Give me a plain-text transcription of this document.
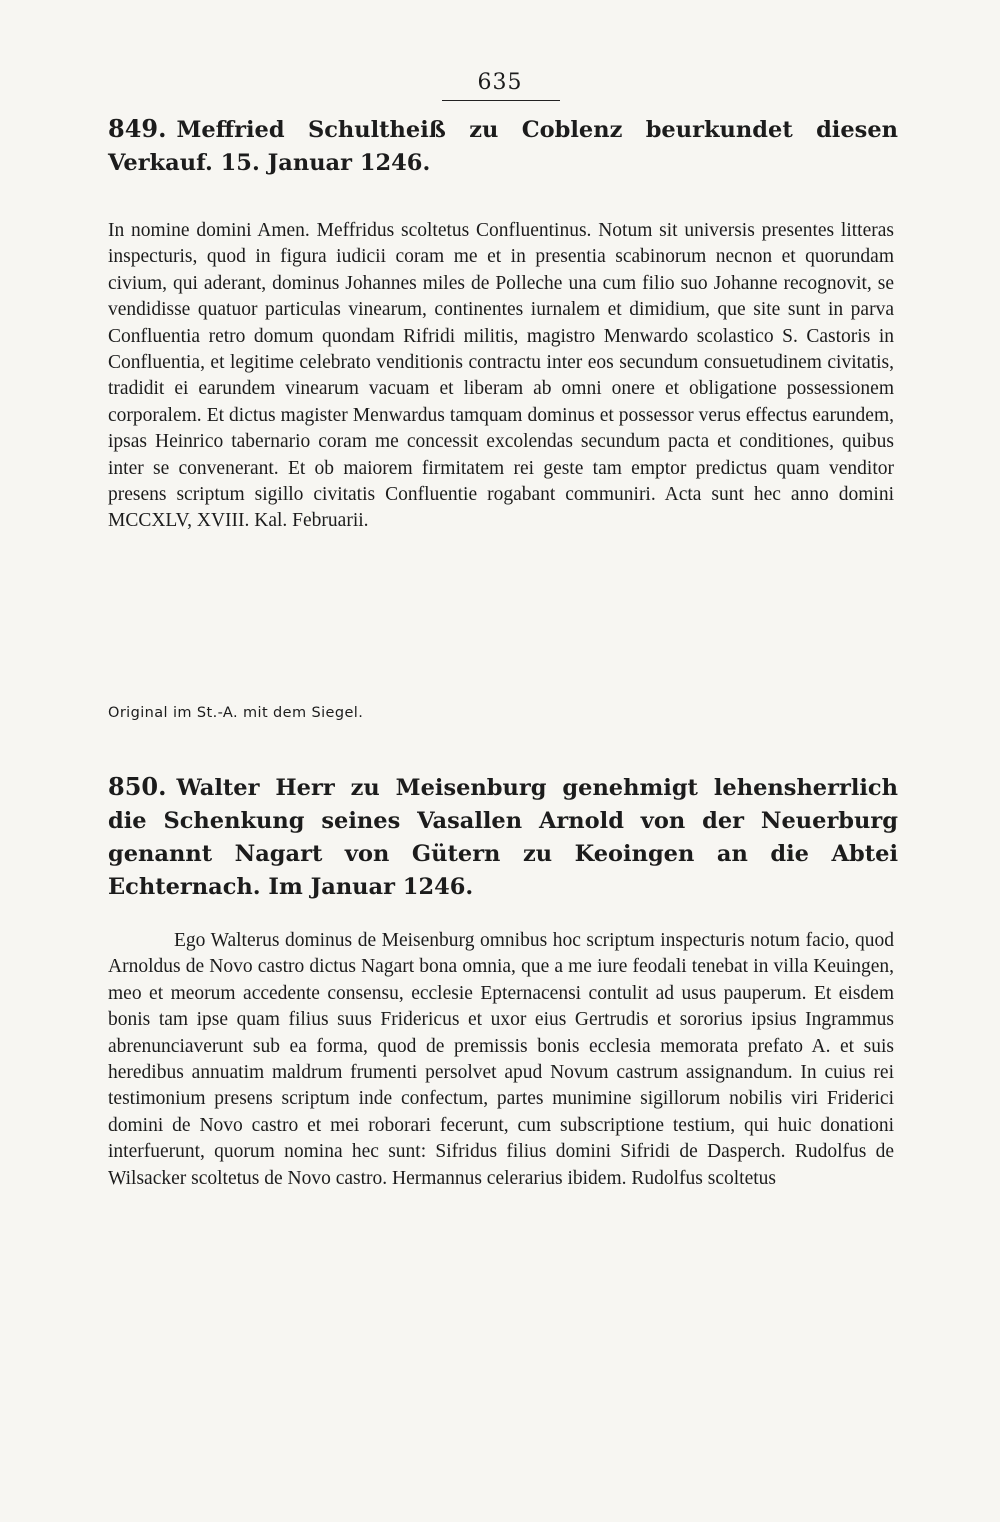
635
849. Meffried Schultheiß zu Coblenz beurkundet diesen Verkauf. 15. Januar 1246.

In nomine domini Amen. Meffridus scoltetus Confluentinus. Notum sit universis presentes litteras inspecturis, quod in figura iudicii coram me et in presentia scabinorum necnon et quorundam civium, qui aderant, dominus Johannes miles de Polleche una cum filio suo Johanne recognovit, se vendidisse quatuor particulas vinearum, continentes iurnalem et dimidium, que site sunt in parva Confluentia retro domum quondam Rifridi militis, magistro Menwardo scolastico S. Castoris in Confluentia, et legitime celebrato venditionis contractu inter eos secundum consuetudinem civitatis, tradidit ei earundem vinearum vacuam et liberam ab omni onere et obligatione possessionem corporalem. Et dictus magister Menwardus tamquam dominus et possessor verus effectus earundem, ipsas Heinrico tabernario coram me concessit excolendas secundum pacta et conditiones, quibus inter se convenerant. Et ob maiorem firmitatem rei geste tam emptor predictus quam venditor presens scriptum sigillo civitatis Confluentie rogabant communiri. Acta sunt hec anno domini MCCXLV, XVIII. Kal. Februarii.

Original im St.-A. mit dem Siegel.
850. Walter Herr zu Meisenburg genehmigt lehensherrlich die Schenkung seines Vasallen Arnold von der Neuerburg genannt Nagart von Gütern zu Keoingen an die Abtei Echternach. Im Januar 1246.

Ego Walterus dominus de Meisenburg omnibus hoc scriptum inspecturis notum facio, quod Arnoldus de Novo castro dictus Nagart bona omnia, que a me iure feodali tenebat in villa Keuingen, meo et meorum accedente consensu, ecclesie Epternacensi contulit ad usus pauperum. Et eisdem bonis tam ipse quam filius suus Fridericus et uxor eius Gertrudis et sororius ipsius Ingrammus abrenunciaverunt sub ea forma, quod de premissis bonis ecclesia memorata prefato A. et suis heredibus annuatim maldrum frumenti persolvet apud Novum castrum assignandum. In cuius rei testimonium presens scriptum inde confectum, partes munimine sigillorum nobilis viri Friderici domini de Novo castro et mei roborari fecerunt, cum subscriptione testium, qui huic donationi interfuerunt, quorum nomina hec sunt: Sifridus filius domini Sifridi de Dasperch. Rudolfus de Wilsacker scoltetus de Novo castro. Hermannus celerarius ibidem. Rudolfus scoltetus
